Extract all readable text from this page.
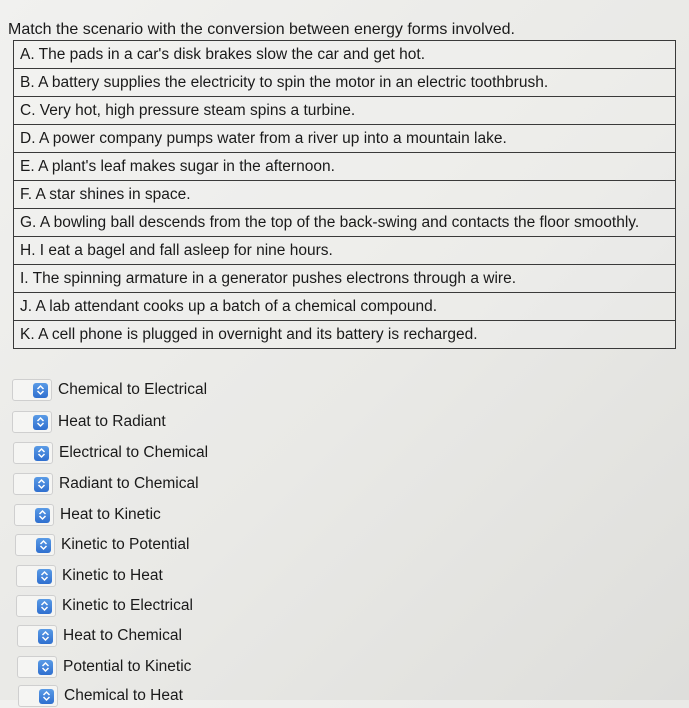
Match the scenario with the conversion between energy forms involved.
A. The pads in a car's disk brakes slow the car and get hot.
B. A battery supplies the electricity to spin the motor in an electric toothbrush.
C. Very hot, high pressure steam spins a turbine.
D. A power company pumps water from a river up into a mountain lake.
E. A plant's leaf makes sugar in the afternoon.
F. A star shines in space.
G. A bowling ball descends from the top of the back-swing and contacts the floor smoothly.
H. I eat a bagel and fall asleep for nine hours.
I. The spinning armature in a generator pushes electrons through a wire.
J. A lab attendant cooks up a batch of a chemical compound.
K. A cell phone is plugged in overnight and its battery is recharged.
Chemical to Electrical
Heat to Radiant
Electrical to Chemical
Radiant to Chemical
Heat to Kinetic
Kinetic to Potential
Kinetic to Heat
Kinetic to Electrical
Heat to Chemical
Potential to Kinetic
Chemical to Heat
